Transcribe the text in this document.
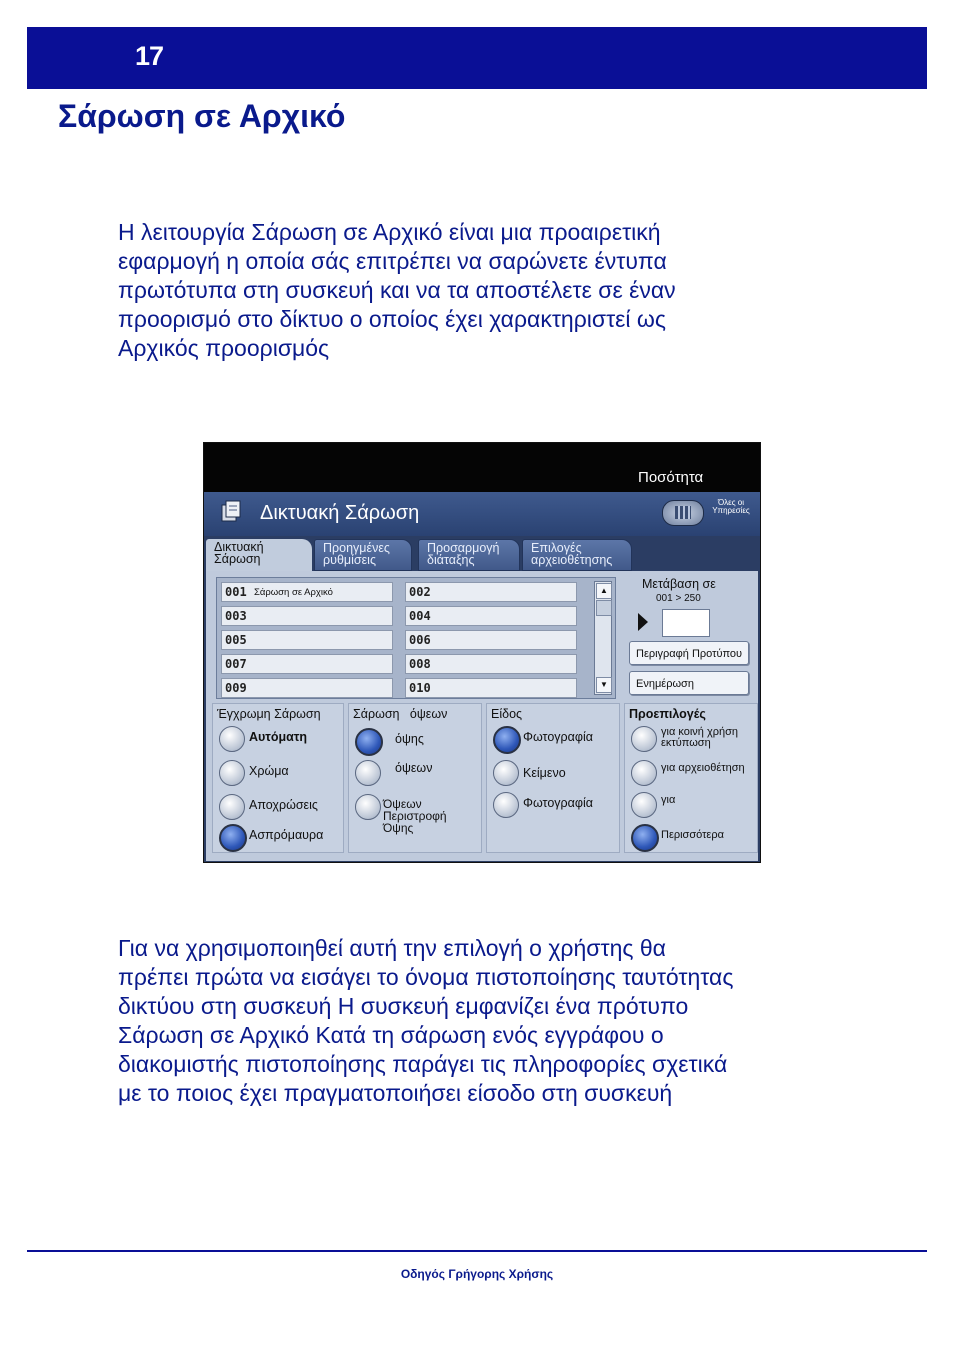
17
Σάρωση σε Αρχικό
Η λειτουργία Σάρωση σε Αρχικό είναι μια προαιρετική
εφαρμογή η οποία σάς επιτρέπει να σαρώνετε έντυπα
πρωτότυπα στη συσκευή και να τα αποστέλετε σε έναν
προορισμό στο δίκτυο ο οποίος έχει χαρακτηριστεί ως
Αρχικός προορισμός
Ποσότητα
Δικτυακή Σάρωση	Όλες οι Υπηρεσίες
Δικτυακή
Σάρωση
Προηγμένες
ρυθμίσεις
Προσαρμογή
διάταξης
Επιλογές
αρχειοθέτησης
001 Σάρωση σε Αρχικό	002
003	004
005	006
007	008
009	010
▲
▼
Μετάβαση σε
001 > 250
Περιγραφή Προτύπου
Ενημέρωση
Έγχρωμη Σάρωση
Αυτόματη
Χρώμα
Αποχρώσεις
Ασπρόμαυρα
Σάρωση   όψεων
όψης
όψεων
Όψεων
Περιστροφή
Όψης
Είδος
Φωτογραφία
Κείμενο
Φωτογραφία
Προεπιλογές
για κοινή χρήση
εκτύπωση
για αρχειοθέτηση
για
Περισσότερα
Για να χρησιμοποιηθεί αυτή την επιλογή ο χρήστης θα
πρέπει πρώτα να εισάγει το όνομα πιστοποίησης ταυτότητας
δικτύου στη συσκευή Η συσκευή εμφανίζει ένα πρότυπο
Σάρωση σε Αρχικό Κατά τη σάρωση ενός εγγράφου ο
διακομιστής πιστοποίησης παράγει τις πληροφορίες σχετικά
με το ποιος έχει πραγματοποιήσει είσοδο στη συσκευή
Οδηγός Γρήγορης Χρήσης
